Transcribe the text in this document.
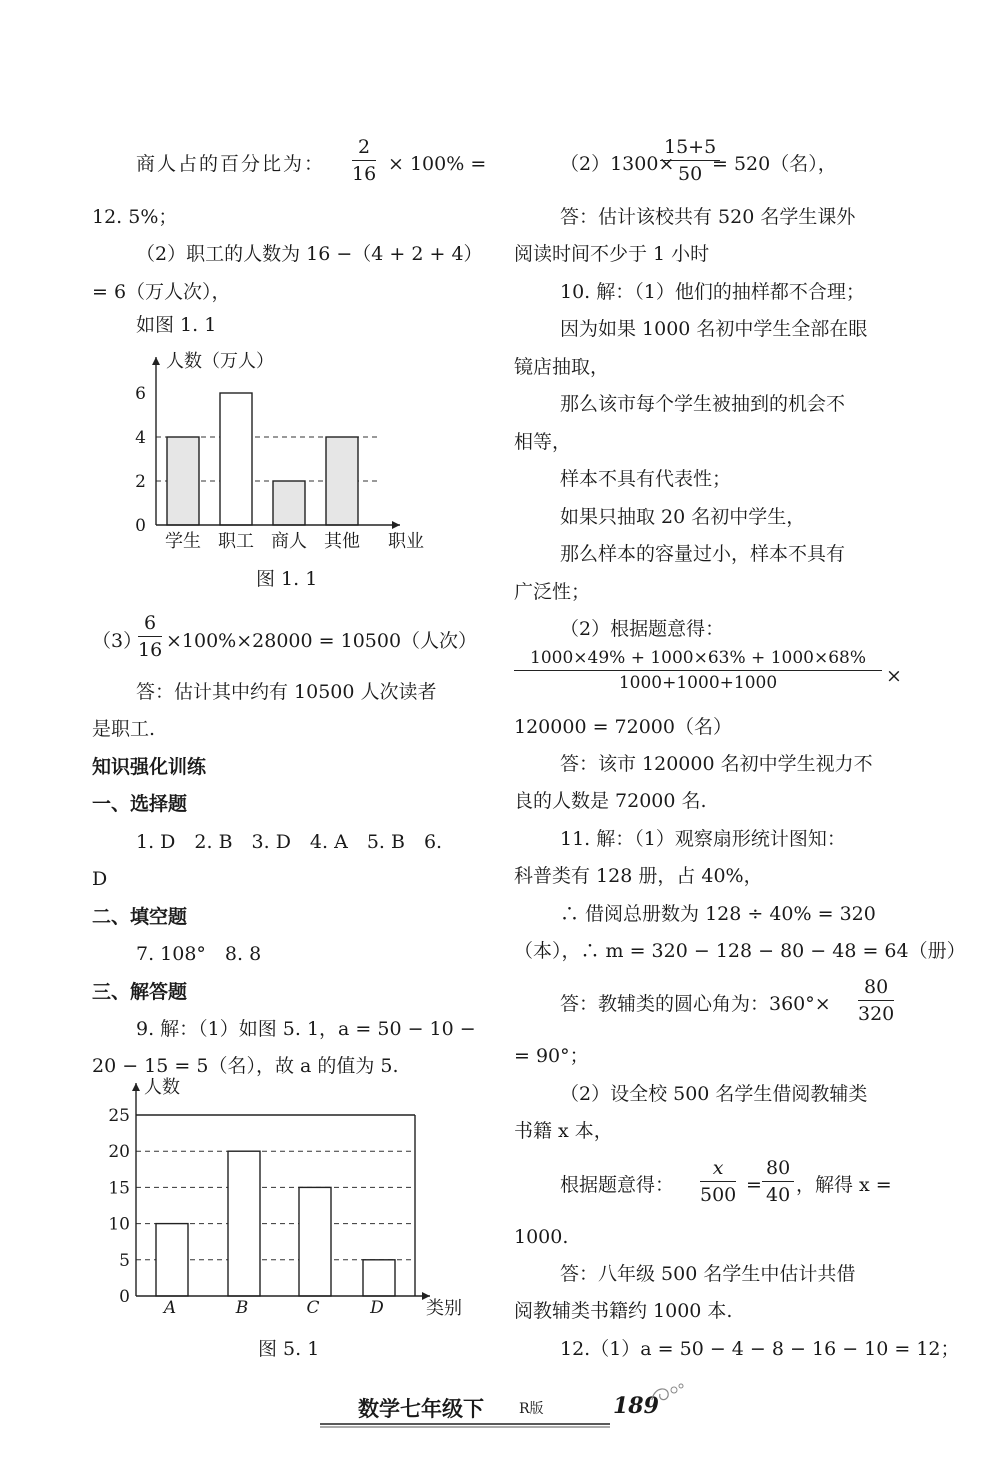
商人占的百分比为： $\frac{2}{16} \times 100\%$ =
12. 5%；
（2）职工的人数为 16 −（4 + 2 + 4）
= 6（万人次），
如图 1. 1
学生 职工 商人 其他
0
2
4
6
人数（万人）
职业
图 1. 1
（3）
$\frac{6}{16} \times 100\%\times 28000 = 10500$（人次）
答：估计其中约有 10500 人次读者
是职工.
知识强化训练
一、选择题
1. D　2. B　3. D　4. A　5. B　6.
D
二、填空题
7. 108°　8. 8
三、解答题
9. 解：（1）如图 5. 1，a = 50 − 10 −
20 − 15 = 5（名），故 a 的值为 5.
A	B	C	D
0
5
10
15
20
25
人数
类别
图 5. 1
（2）1300×
$\frac{15+5}{50}$
= 520（名），
答：估计该校共有 520 名学生课外
阅读时间不少于 1 小时
10. 解：（1）他们的抽样都不合理；
因为如果 1000 名初中学生全部在眼
镜店抽取，
那么该市每个学生被抽到的机会不
相等，
样本不具有代表性；
如果只抽取 20 名初中学生，
那么样本的容量过小，样本不具有
广泛性；
（2）根据题意得：
$\frac{1000\times 49\% + 1000\times 63\% + 1000\times 68\%}{1000+1000+1000}$ ×
120000 = 72000（名）
答：该市 120000 名初中学生视力不
良的人数是 72000 名.
11. 解：（1）观察扇形统计图知：
科普类有 128 册，占 40%，
∴ 借阅总册数为 128 ÷ 40% = 320
（本），∴ m = 320 − 128 − 80 − 48 = 64（册）
答：教辅类的圆心角为：$360^\circ\times \frac{80}{320}$
= 90°；
（2）设全校 500 名学生借阅教辅类
书籍 x 本，
根据题意得： $\frac{x}{500} = \frac{80}{40}$ ，解得 x =
1000.
答：八年级 500 名学生中估计共借
阅教辅类书籍约 1000 本.
12.（1）a = 50 − 4 − 8 − 16 − 10 = 12；
数学七年级下	R版	189
